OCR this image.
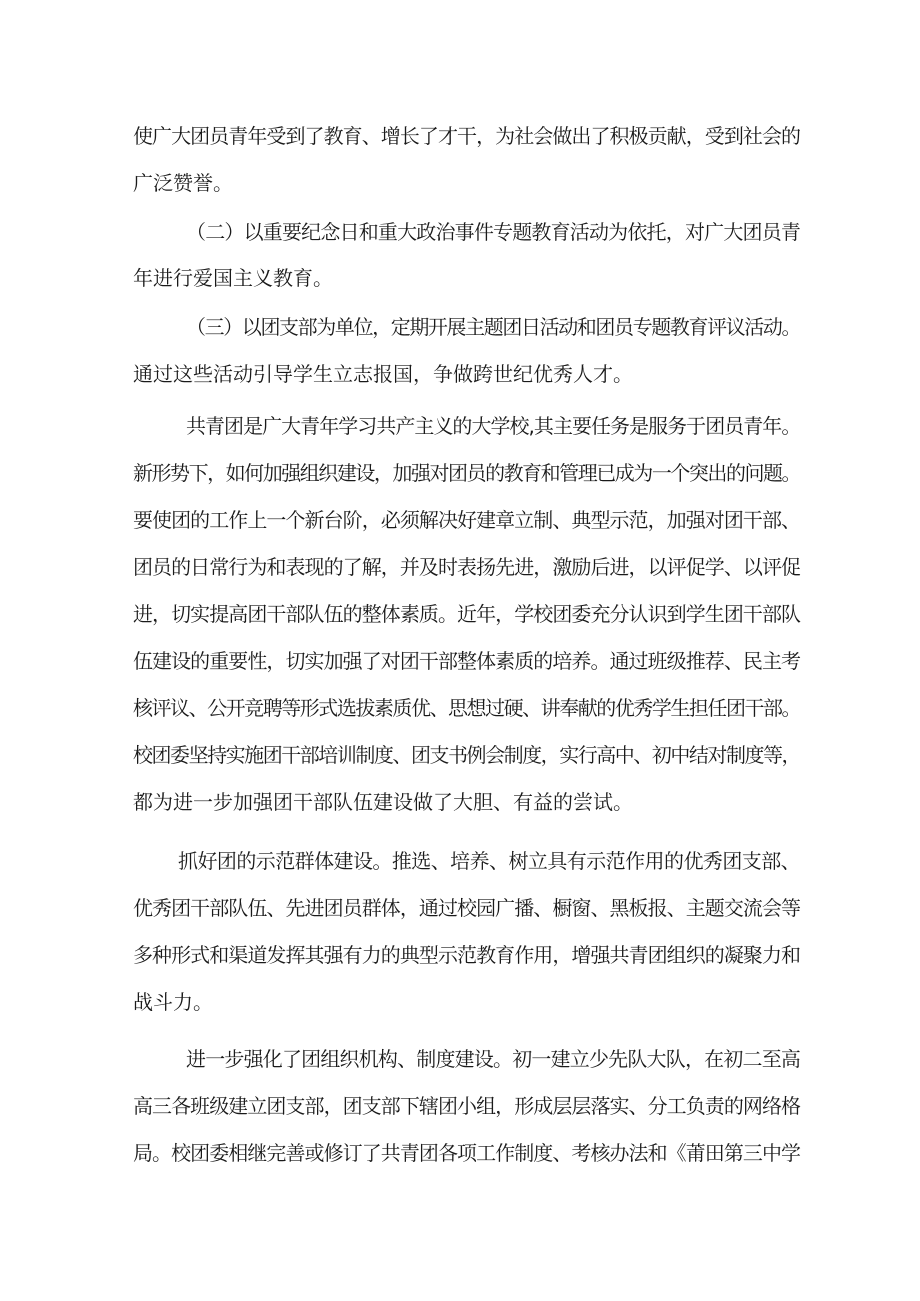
使广大团员青年受到了教育、增长了才干，为社会做出了积极贡献，受到社会的
广泛赞誉。
（二）以重要纪念日和重大政治事件专题教育活动为依托，对广大团员青
年进行爱国主义教育。
（三）以团支部为单位，定期开展主题团日活动和团员专题教育评议活动。
通过这些活动引导学生立志报国，争做跨世纪优秀人才。
共青团是广大青年学习共产主义的大学校,其主要任务是服务于团员青年。
新形势下，如何加强组织建设，加强对团员的教育和管理已成为一个突出的问题。
要使团的工作上一个新台阶，必须解决好建章立制、典型示范，加强对团干部、
团员的日常行为和表现的了解，并及时表扬先进，激励后进，以评促学、以评促
进，切实提高团干部队伍的整体素质。近年，学校团委充分认识到学生团干部队
伍建设的重要性，切实加强了对团干部整体素质的培养。通过班级推荐、民主考
核评议、公开竞聘等形式选拔素质优、思想过硬、讲奉献的优秀学生担任团干部。
校团委坚持实施团干部培训制度、团支书例会制度，实行高中、初中结对制度等，
都为进一步加强团干部队伍建设做了大胆、有益的尝试。
抓好团的示范群体建设。推选、培养、树立具有示范作用的优秀团支部、
优秀团干部队伍、先进团员群体，通过校园广播、橱窗、黑板报、主题交流会等
多种形式和渠道发挥其强有力的典型示范教育作用，增强共青团组织的凝聚力和
战斗力。
进一步强化了团组织机构、制度建设。初一建立少先队大队，在初二至高
高三各班级建立团支部，团支部下辖团小组，形成层层落实、分工负责的网络格
局。校团委相继完善或修订了共青团各项工作制度、考核办法和《莆田第三中学
